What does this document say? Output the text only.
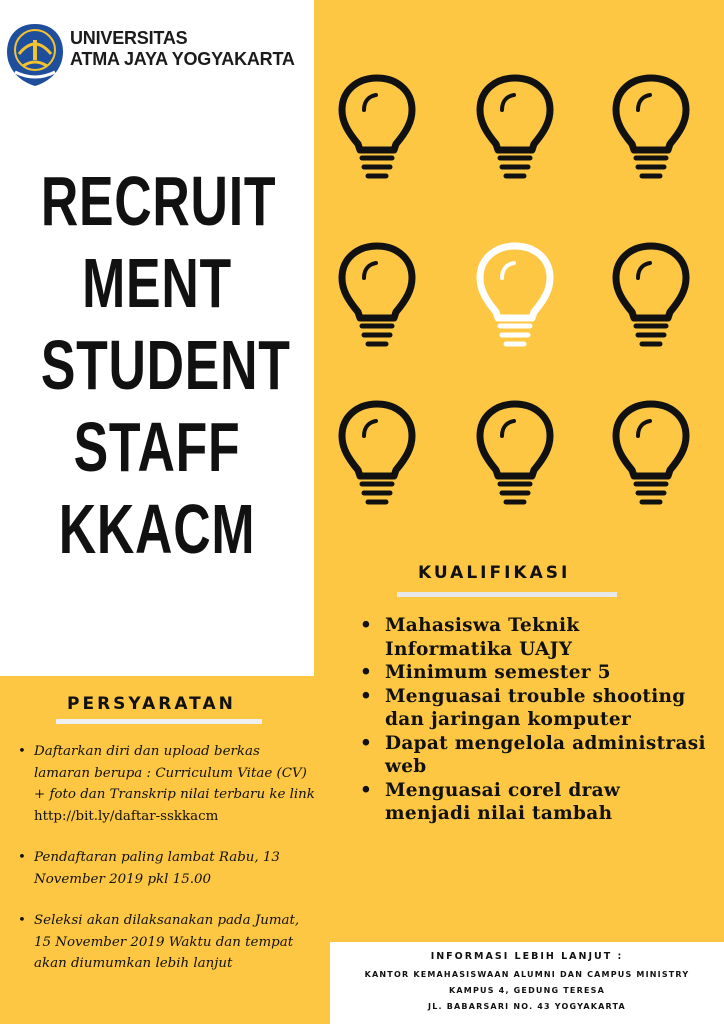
UNIVERSITAS
ATMA JAYA YOGYAKARTA
RECRUIT
MENT
STUDENT
STAFF
KKACM
KUALIFIKASI
• Mahasiswa Teknik Informatika UAJY
• Minimum semester 5
• Menguasai trouble shooting dan jaringan komputer
• Dapat mengelola administrasi web
• Menguasai corel draw menjadi nilai tambah
PERSYARATAN
• Daftarkan diri dan upload berkas lamaran berupa : Curriculum Vitae (CV) + foto dan Transkrip nilai terbaru ke link
http://bit.ly/daftar-sskkacm
• Pendaftaran paling lambat Rabu, 13 November 2019 pkl 15.00
• Seleksi akan dilaksanakan pada Jumat, 15 November 2019 Waktu dan tempat akan diumumkan lebih lanjut	INFORMASI LEBIH LANJUT :
KANTOR KEMAHASISWAAN ALUMNI DAN CAMPUS MINISTRY
KAMPUS 4, GEDUNG TERESA
JL. BABARSARI NO. 43 YOGYAKARTA
